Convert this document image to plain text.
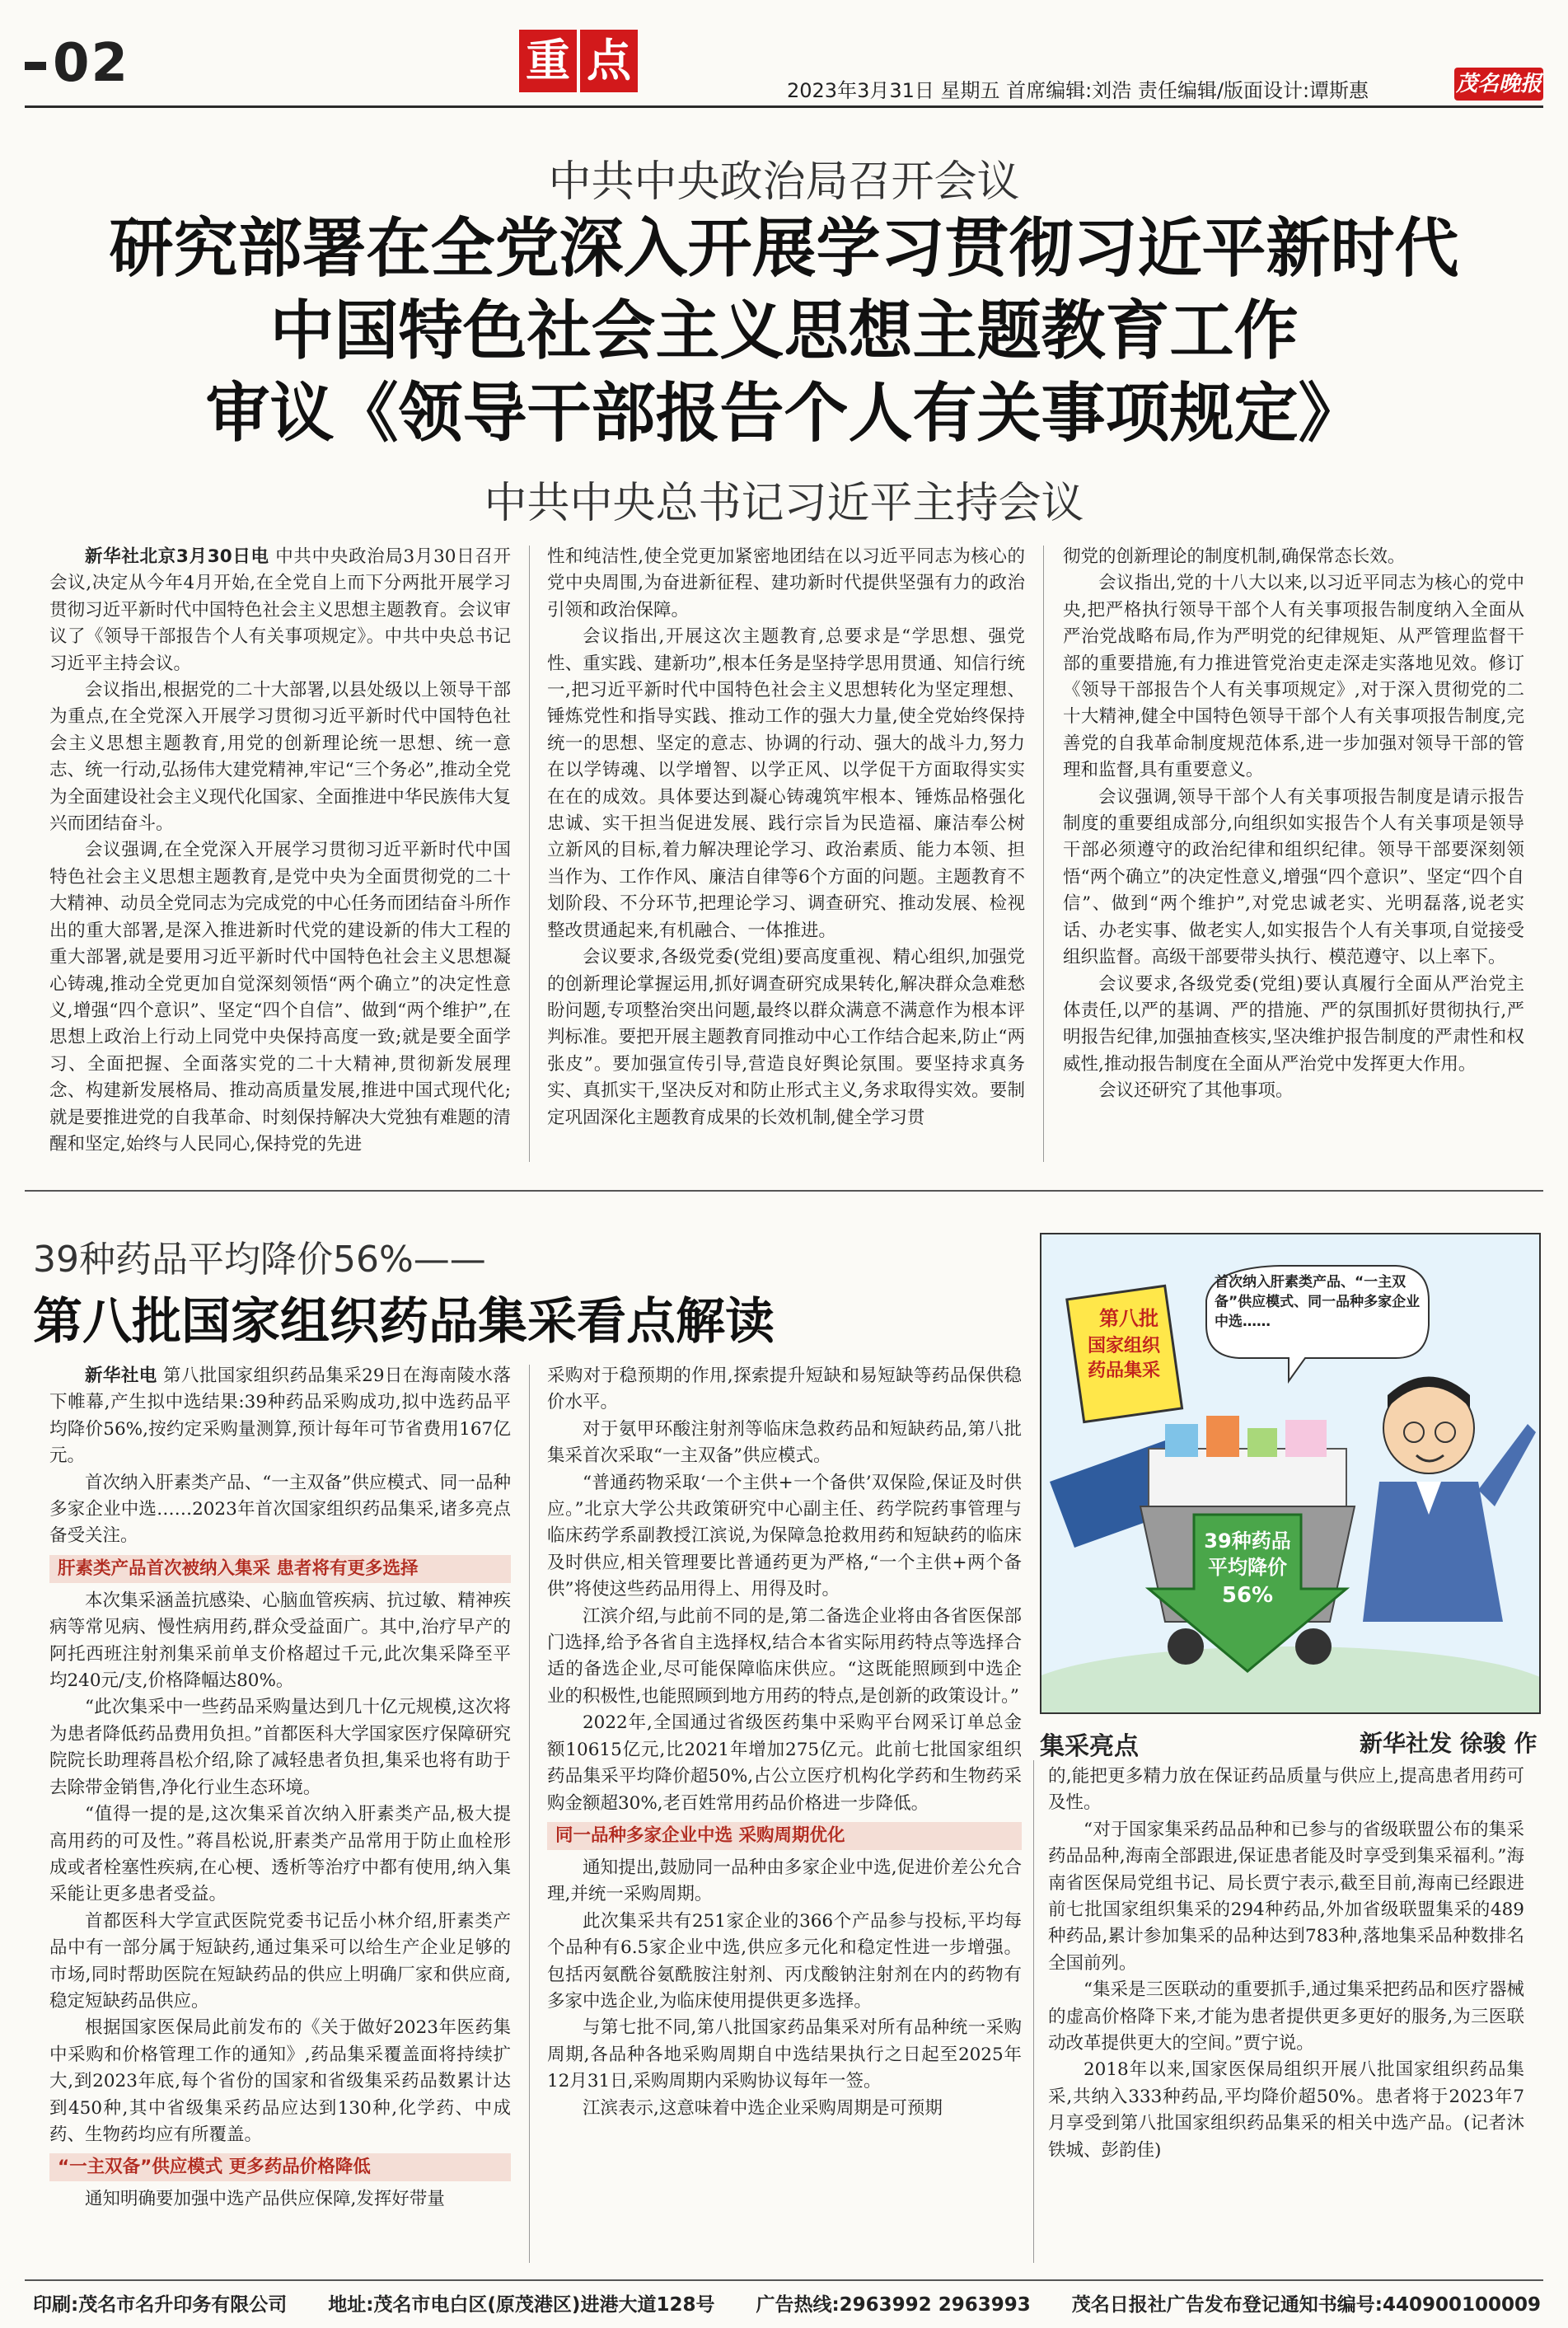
02	重 点
2023年3月31日 星期五 首席编辑:刘浩 责任编辑/版面设计:谭斯惠	茂名晚报
中共中央政治局召开会议
研究部署在全党深入开展学习贯彻习近平新时代
中国特色社会主义思想主题教育工作
审议《领导干部报告个人有关事项规定》
中共中央总书记习近平主持会议

新华社北京3月30日电 中共中央政治局3月30日召开会议,决定从今年4月开始,在全党自上而下分两批开展学习贯彻习近平新时代中国特色社会主义思想主题教育。会议审议了《领导干部报告个人有关事项规定》。中共中央总书记习近平主持会议。

会议指出,根据党的二十大部署,以县处级以上领导干部为重点,在全党深入开展学习贯彻习近平新时代中国特色社会主义思想主题教育,用党的创新理论统一思想、统一意志、统一行动,弘扬伟大建党精神,牢记“三个务必”,推动全党为全面建设社会主义现代化国家、全面推进中华民族伟大复兴而团结奋斗。

会议强调,在全党深入开展学习贯彻习近平新时代中国特色社会主义思想主题教育,是党中央为全面贯彻党的二十大精神、动员全党同志为完成党的中心任务而团结奋斗所作出的重大部署,是深入推进新时代党的建设新的伟大工程的重大部署,就是要用习近平新时代中国特色社会主义思想凝心铸魂,推动全党更加自觉深刻领悟“两个确立”的决定性意义,增强“四个意识”、坚定“四个自信”、做到“两个维护”,在思想上政治上行动上同党中央保持高度一致;就是要全面学习、全面把握、全面落实党的二十大精神,贯彻新发展理念、构建新发展格局、推动高质量发展,推进中国式现代化;就是要推进党的自我革命、时刻保持解决大党独有难题的清醒和坚定,始终与人民同心,保持党的先进

性和纯洁性,使全党更加紧密地团结在以习近平同志为核心的党中央周围,为奋进新征程、建功新时代提供坚强有力的政治引领和政治保障。

会议指出,开展这次主题教育,总要求是“学思想、强党性、重实践、建新功”,根本任务是坚持学思用贯通、知信行统一,把习近平新时代中国特色社会主义思想转化为坚定理想、锤炼党性和指导实践、推动工作的强大力量,使全党始终保持统一的思想、坚定的意志、协调的行动、强大的战斗力,努力在以学铸魂、以学增智、以学正风、以学促干方面取得实实在在的成效。具体要达到凝心铸魂筑牢根本、锤炼品格强化忠诚、实干担当促进发展、践行宗旨为民造福、廉洁奉公树立新风的目标,着力解决理论学习、政治素质、能力本领、担当作为、工作作风、廉洁自律等6个方面的问题。主题教育不划阶段、不分环节,把理论学习、调查研究、推动发展、检视整改贯通起来,有机融合、一体推进。

会议要求,各级党委(党组)要高度重视、精心组织,加强党的创新理论掌握运用,抓好调查研究成果转化,解决群众急难愁盼问题,专项整治突出问题,最终以群众满意不满意作为根本评判标准。要把开展主题教育同推动中心工作结合起来,防止“两张皮”。要加强宣传引导,营造良好舆论氛围。要坚持求真务实、真抓实干,坚决反对和防止形式主义,务求取得实效。要制定巩固深化主题教育成果的长效机制,健全学习贯

彻党的创新理论的制度机制,确保常态长效。

会议指出,党的十八大以来,以习近平同志为核心的党中央,把严格执行领导干部个人有关事项报告制度纳入全面从严治党战略布局,作为严明党的纪律规矩、从严管理监督干部的重要措施,有力推进管党治吏走深走实落地见效。修订《领导干部报告个人有关事项规定》,对于深入贯彻党的二十大精神,健全中国特色领导干部个人有关事项报告制度,完善党的自我革命制度规范体系,进一步加强对领导干部的管理和监督,具有重要意义。

会议强调,领导干部个人有关事项报告制度是请示报告制度的重要组成部分,向组织如实报告个人有关事项是领导干部必须遵守的政治纪律和组织纪律。领导干部要深刻领悟“两个确立”的决定性意义,增强“四个意识”、坚定“四个自信”、做到“两个维护”,对党忠诚老实、光明磊落,说老实话、办老实事、做老实人,如实报告个人有关事项,自觉接受组织监督。高级干部要带头执行、模范遵守、以上率下。

会议要求,各级党委(党组)要认真履行全面从严治党主体责任,以严的基调、严的措施、严的氛围抓好贯彻执行,严明报告纪律,加强抽查核实,坚决维护报告制度的严肃性和权威性,推动报告制度在全面从严治党中发挥更大作用。

会议还研究了其他事项。

39种药品平均降价56%——
第八批国家组织药品集采看点解读

新华社电 第八批国家组织药品集采29日在海南陵水落下帷幕,产生拟中选结果:39种药品采购成功,拟中选药品平均降价56%,按约定采购量测算,预计每年可节省费用167亿元。

首次纳入肝素类产品、“一主双备”供应模式、同一品种多家企业中选……2023年首次国家组织药品集采,诸多亮点备受关注。

肝素类产品首次被纳入集采 患者将有更多选择

本次集采涵盖抗感染、心脑血管疾病、抗过敏、精神疾病等常见病、慢性病用药,群众受益面广。其中,治疗早产的阿托西班注射剂集采前单支价格超过千元,此次集采降至平均240元/支,价格降幅达80%。

“此次集采中一些药品采购量达到几十亿元规模,这次将为患者降低药品费用负担。”首都医科大学国家医疗保障研究院院长助理蒋昌松介绍,除了减轻患者负担,集采也将有助于去除带金销售,净化行业生态环境。

“值得一提的是,这次集采首次纳入肝素类产品,极大提高用药的可及性。”蒋昌松说,肝素类产品常用于防止血栓形成或者栓塞性疾病,在心梗、透析等治疗中都有使用,纳入集采能让更多患者受益。

首都医科大学宣武医院党委书记岳小林介绍,肝素类产品中有一部分属于短缺药,通过集采可以给生产企业足够的市场,同时帮助医院在短缺药品的供应上明确厂家和供应商,稳定短缺药品供应。

根据国家医保局此前发布的《关于做好2023年医药集中采购和价格管理工作的通知》,药品集采覆盖面将持续扩大,到2023年底,每个省份的国家和省级集采药品数累计达到450种,其中省级集采药品应达到130种,化学药、中成药、生物药均应有所覆盖。

“一主双备”供应模式 更多药品价格降低

通知明确要加强中选产品供应保障,发挥好带量

采购对于稳预期的作用,探索提升短缺和易短缺等药品保供稳价水平。

对于氨甲环酸注射剂等临床急救药品和短缺药品,第八批集采首次采取“一主双备”供应模式。

“普通药物采取‘一个主供+一个备供’双保险,保证及时供应。”北京大学公共政策研究中心副主任、药学院药事管理与临床药学系副教授江滨说,为保障急抢救用药和短缺药的临床及时供应,相关管理要比普通药更为严格,“一个主供+两个备供”将使这些药品用得上、用得及时。

江滨介绍,与此前不同的是,第二备选企业将由各省医保部门选择,给予各省自主选择权,结合本省实际用药特点等选择合适的备选企业,尽可能保障临床供应。“这既能照顾到中选企业的积极性,也能照顾到地方用药的特点,是创新的政策设计。”

2022年,全国通过省级医药集中采购平台网采订单总金额10615亿元,比2021年增加275亿元。此前七批国家组织药品集采平均降价超50%,占公立医疗机构化学药和生物药采购金额超30%,老百姓常用药品价格进一步降低。

同一品种多家企业中选 采购周期优化

通知提出,鼓励同一品种由多家企业中选,促进价差公允合理,并统一采购周期。

此次集采共有251家企业的366个产品参与投标,平均每个品种有6.5家企业中选,供应多元化和稳定性进一步增强。包括丙氨酰谷氨酰胺注射剂、丙戊酸钠注射剂在内的药物有多家中选企业,为临床使用提供更多选择。

与第七批不同,第八批国家药品集采对所有品种统一采购周期,各品种各地采购周期自中选结果执行之日起至2025年12月31日,采购周期内采购协议每年一签。

江滨表示,这意味着中选企业采购周期是可预期

的,能把更多精力放在保证药品质量与供应上,提高患者用药可及性。

“对于国家集采药品品种和已参与的省级联盟公布的集采药品品种,海南全部跟进,保证患者能及时享受到集采福利。”海南省医保局党组书记、局长贾宁表示,截至目前,海南已经跟进前七批国家组织集采的294种药品,外加省级联盟集采的489种药品,累计参加集采的品种达到783种,落地集采品种数排名全国前列。

“集采是三医联动的重要抓手,通过集采把药品和医疗器械的虚高价格降下来,才能为患者提供更多更好的服务,为三医联动改革提供更大的空间。”贾宁说。

2018年以来,国家医保局组织开展八批国家组织药品集采,共纳入333种药品,平均降价超50%。患者将于2023年7月享受到第八批国家组织药品集采的相关中选产品。(记者沐铁城、彭韵佳)

第八批
国家组织
药品集采
首次纳入肝素类产品、“一主双备”供应模式、同一品种多家企业中选……
39种药品
平均降价
56%
集采亮点	新华社发 徐骏 作
印刷:茂名市名升印务有限公司 地址:茂名市电白区(原茂港区)进港大道128号 广告热线:2963992 2963993 茂名日报社广告发布登记通知书编号:440900100009
